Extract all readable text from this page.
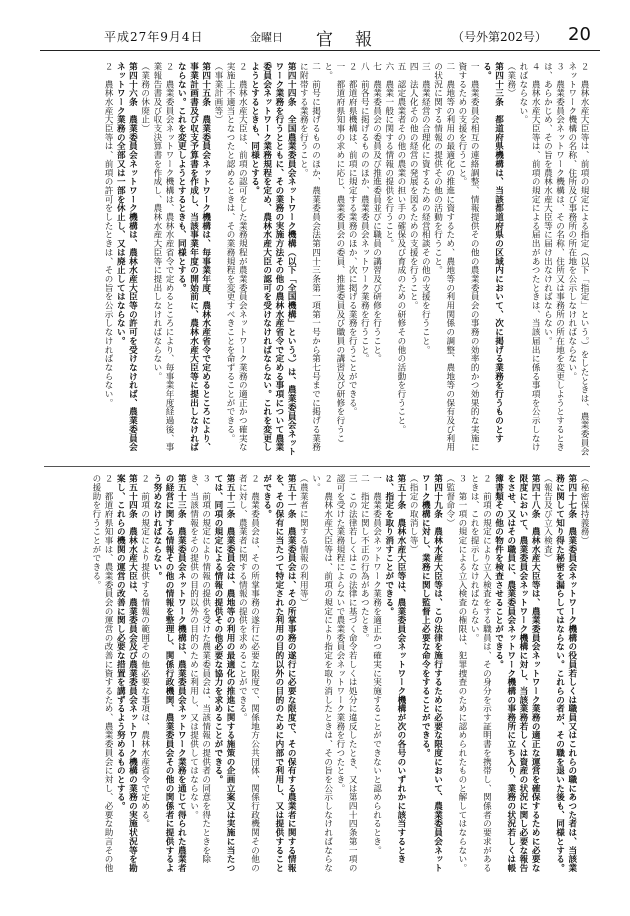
平成27年9月4日	金曜日 官報	（号外第202号） 20

２　農林水産大臣等は、前項の規定による指定（以下「指定」という。）をしたときは、農業委員会ネットワーク機構の名称、住所及び事務所の所在地を公示しなければならない。

３　農業委員会ネットワーク機構は、その名称、住所又は事務所の所在地を変更しようとするときは、あらかじめ、その旨を農林水産大臣等に届け出なければならない。

４　農林水産大臣等は、前項の規定による届出があつたときは、当該届出に係る事項を公示しなければならない。

（業務）

第四十三条　都道府県機構は、当該都道府県の区域内において、次に掲げる業務を行うものとする。

一　農業委員会相互の連絡調整、情報提供その他の農業委員会の事務の効率的かつ効果的な実施に資するための支援を行うこと。

二　農地等の利用の最適化の推進に資するため、農地等の利用関係の調整、農地等の保有及び利用の状況に関する情報の提供その他の活動を行うこと。

三　農業経営の合理化に資するための経営相談その他の支援を行うこと。

四　法人化その他の経営の発展を図るための支援を行うこと。

五　認定農業者その他の農業の担い手の確保及び育成のための研修その他の活動を行うこと。

六　農業一般に関する情報の提供を行うこと。

七　農業委員会の委員及び推進委員並びに職員の講習及び研修を行うこと。

八　前各号に掲げるもののほか、農業委員会ネットワーク業務を行うこと。

２　都道府県機構は、前項に規定する業務のほか、次に掲げる業務を行うことができる。

一　都道府県知事の求めに応じ、農業委員会の委員、推進委員及び職員の講習及び研修を行うこと。

二　前号に掲げるもののほか、農業委員会法第四十三条第一項第一号から第七号までに掲げる業務に附帯する業務を行うこと。

第四十四条　全国農業委員会ネットワーク機構（以下「全国機構」という。）は、農業委員会ネットワーク業務を行うとともに、その業務の実施方法その他の農林水産省令で定める事項について農業委員会ネットワーク業務規程を定め、農林水産大臣の認可を受けなければならない。これを変更しようとするときも、同様とする。

２　農林水産大臣は、前項の認可をした業務規程が農業委員会ネットワーク業務の適正かつ確実な実施上不適当となつたと認めるときは、その業務規程を変更すべきことを命ずることができる。

（事業計画等）

第四十五条　農業委員会ネットワーク機構は、毎事業年度、農林水産省令で定めるところにより、事業計画書及び収支予算書を作成し、当該事業年度の開始前に、農林水産大臣等に提出しなければならない。これを変更しようとするときも、同様とする。

２　農業委員会ネットワーク機構は、農林水産省令で定めるところにより、毎事業年度経過後、事業報告書及び収支決算書を作成し、農林水産大臣等に提出しなければならない。

（業務の休廃止）

第四十六条　農業委員会ネットワーク機構は、農林水産大臣等の許可を受けなければ、農業委員会ネットワーク業務の全部又は一部を休止し、又は廃止してはならない。

２　農林水産大臣等は、前項の許可をしたときは、その旨を公示しなければならない。

（秘密保持義務）

第四十七条　農業委員会ネットワーク機構の役員若しくは職員又はこれらの職にあつた者は、当該業務に関して知り得た秘密を漏らしてはならない。これらの者が、その職を退いた後も、同様とする。

（報告及び立入検査）

第四十八条　農林水産大臣等は、農業委員会ネットワーク業務の適正な運営を確保するために必要な限度において、農業委員会ネットワーク機構に対し、当該業務若しくは資産の状況に関し必要な報告をさせ、又はその職員に、農業委員会ネットワーク機構の事務所に立ち入り、業務の状況若しくは帳簿書類その他の物件を検査させることができる。

２　前項の規定により立入検査をする職員は、その身分を示す証明書を携帯し、関係者の要求があるときは、これを提示しなければならない。

３　第一項の規定による立入検査の権限は、犯罪捜査のために認められたものと解してはならない。

（監督命令）

第四十九条　農林水産大臣等は、この法律を施行するために必要な限度において、農業委員会ネットワーク機構に対し、業務に関し監督上必要な命令をすることができる。

（指定の取消し等）

第五十条　農林水産大臣等は、農業委員会ネットワーク機構が次の各号のいずれかに該当するときは、指定を取り消すことができる。

一　農業委員会ネットワーク業務を適正かつ確実に実施することができないと認められるとき。

二　指定に関し不正の行為があつたとき。

三　この法律若しくはこの法律に基づく命令若しくは処分に違反したとき、又は第四十四条第一項の認可を受けた業務規程によらないで農業委員会ネットワーク業務を行つたとき。

２　農林水産大臣等は、前項の規定により指定を取り消したときは、その旨を公示しなければならない。

（農業者に関する情報の利用等）

第五十一条　農業委員会は、その所掌事務の遂行に必要な限度で、その保有する農業者に関する情報を、その保有に当たつて特定された利用の目的以外の目的のために内部で利用し、又は提供することができる。

２　農業委員会は、その所掌事務の遂行に必要な限度で、関係地方公共団体、関係行政機関その他の者に対し、農業者に関する情報の提供を求めることができる。

第五十二条　農業委員会は、農地等の利用の最適化の推進に関する施策の企画立案又は実施に当たつては、同項の規定による情報の提供その他必要な協力を求めることができる。

３　前項の規定により情報の提供を受けた農業委員会は、当該情報の提供者の同意を得たときを除き、当該情報をその提供の目的以外の目的のために利用し、又は提供してはならない。

第五十三条　農業委員会ネットワーク機構は、農業委員会ネットワーク業務を通じて得られた農業者の経営に関する情報その他の情報を整理し、関係行政機関、農業委員会その他の関係者に提供するよう努めなければならない。

２　前項の規定により提供する情報の範囲その他必要な事項は、農林水産省令で定める。

第五十四条　農林水産大臣は、農業委員会及び農業委員会ネットワーク機構の業務の実施状況等を勘案し、これらの機関の運営の改善に関し必要な措置を講ずるよう努めるものとする。

２　都道府県知事は、農業委員会の運営の改善に資するため、農業委員会に対し、必要な助言その他の援助を行うことができる。
